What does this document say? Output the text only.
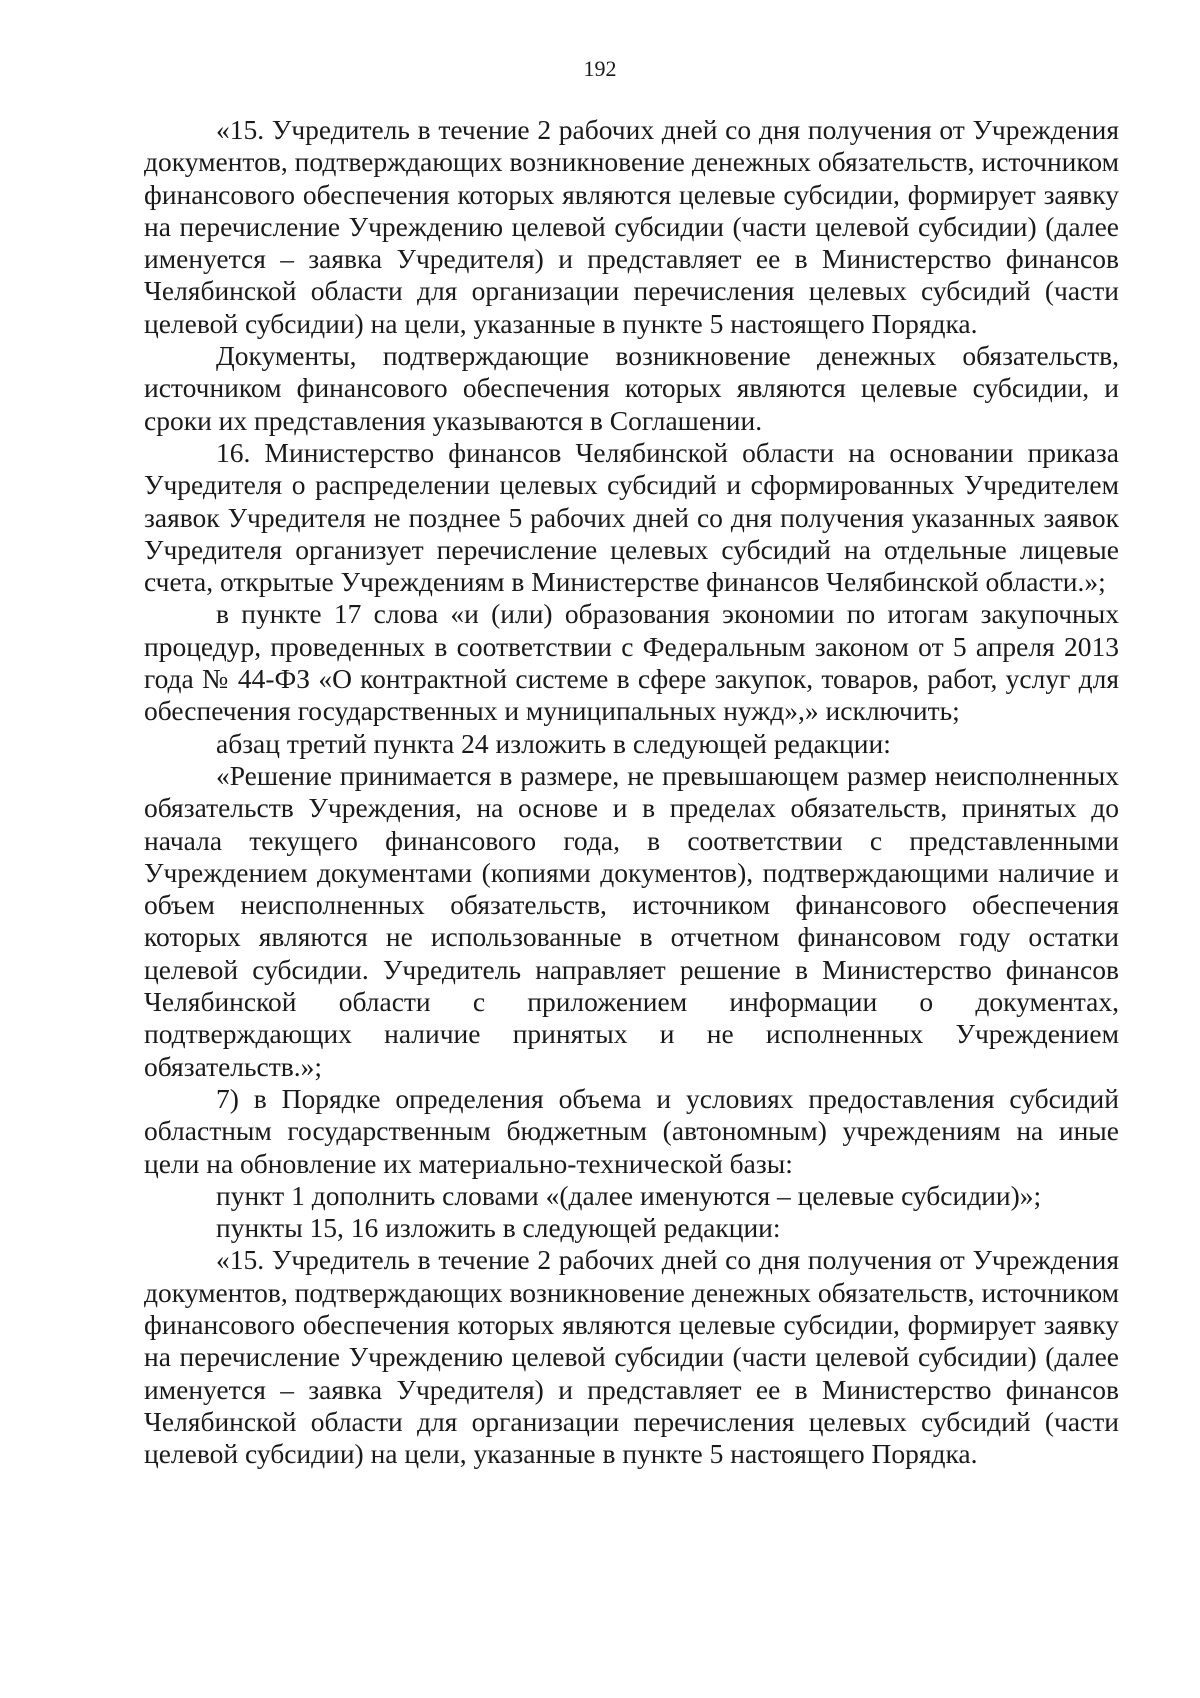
192

«15. Учредитель в течение 2 рабочих дней со дня получения от Учреждения документов, подтверждающих возникновение денежных обязательств, источником финансового обеспечения которых являются целевые субсидии, формирует заявку на перечисление Учреждению целевой субсидии (части целевой субсидии) (далее именуется – заявка Учредителя) и представляет ее в Министерство финансов Челябинской области для организации перечисления целевых субсидий (части целевой субсидии) на цели, указанные в пункте 5 настоящего Порядка.

Документы, подтверждающие возникновение денежных обязательств, источником финансового обеспечения которых являются целевые субсидии, и сроки их представления указываются в Соглашении.

16. Министерство финансов Челябинской области на основании приказа Учредителя о распределении целевых субсидий и сформированных Учредителем заявок Учредителя не позднее 5 рабочих дней со дня получения указанных заявок Учредителя организует перечисление целевых субсидий на отдельные лицевые счета, открытые Учреждениям в Министерстве финансов Челябинской области.»;

в пункте 17 слова «и (или) образования экономии по итогам закупочных процедур, проведенных в соответствии с Федеральным законом от 5 апреля 2013 года № 44-ФЗ «О контрактной системе в сфере закупок, товаров, работ, услуг для обеспечения государственных и муниципальных нужд»,» исключить;

абзац третий пункта 24 изложить в следующей редакции:

«Решение принимается в размере, не превышающем размер неисполненных обязательств Учреждения, на основе и в пределах обязательств, принятых до начала текущего финансового года, в соответствии с представленными Учреждением документами (копиями документов), подтверждающими наличие и объем неисполненных обязательств, источником финансового обеспечения которых являются не использованные в отчетном финансовом году остатки целевой субсидии. Учредитель направляет решение в Министерство финансов Челябинской области с приложением информации о документах, подтверждающих наличие принятых и не исполненных Учреждением обязательств.»;

7) в Порядке определения объема и условиях предоставления субсидий областным государственным бюджетным (автономным) учреждениям на иные цели на обновление их материально-технической базы:

пункт 1 дополнить словами «(далее именуются – целевые субсидии)»;

пункты 15, 16 изложить в следующей редакции:

«15. Учредитель в течение 2 рабочих дней со дня получения от Учреждения документов, подтверждающих возникновение денежных обязательств, источником финансового обеспечения которых являются целевые субсидии, формирует заявку на перечисление Учреждению целевой субсидии (части целевой субсидии) (далее именуется – заявка Учредителя) и представляет ее в Министерство финансов Челябинской области для организации перечисления целевых субсидий (части целевой субсидии) на цели, указанные в пункте 5 настоящего Порядка.
